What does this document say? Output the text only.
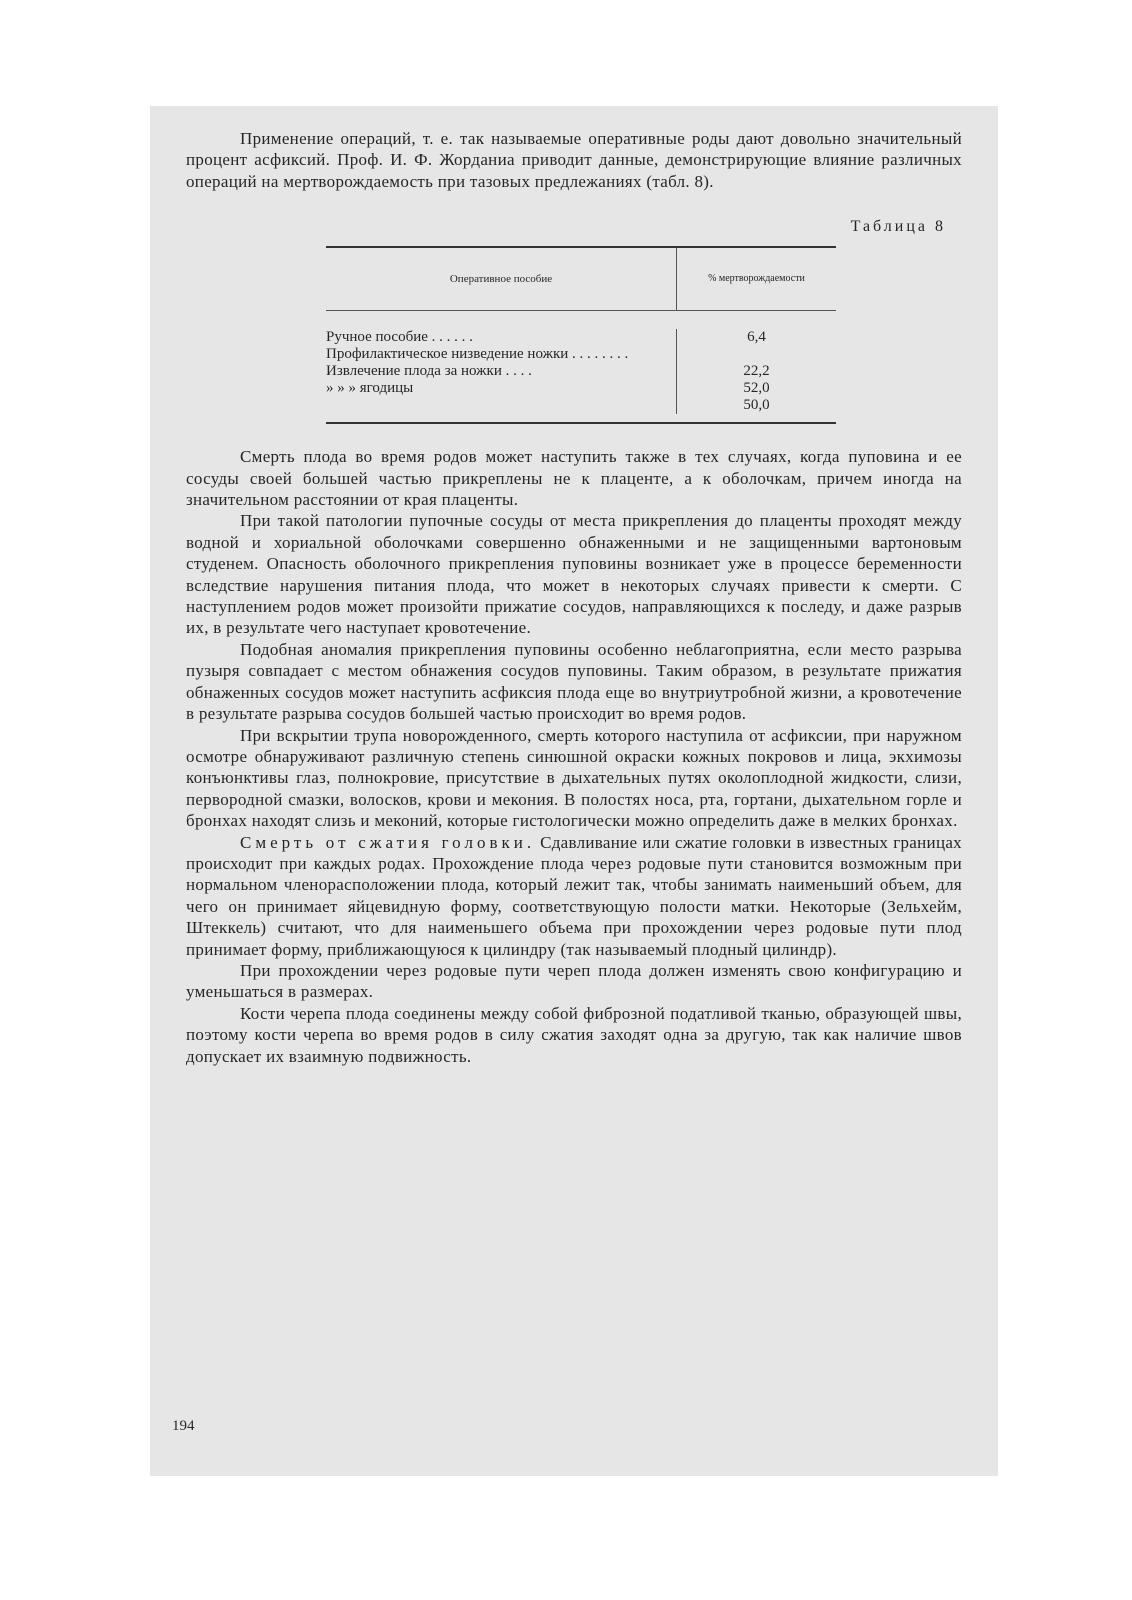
Применение операций, т. е. так называемые оперативные роды дают довольно значительный процент асфиксий. Проф. И. Ф. Жорданиа приводит данные, демонстрирующие влияние различных операций на мертворождаемость при тазовых предлежаниях (табл. 8).

Таблица 8
Оперативное пособие	% мертворождаемости
Ручное пособие . . . . . .
Профилактическое низведение ножки . . . . . . . .
Извлечение плода за ножки . . . .
» » » ягодицы
6,4
22,2
52,0
50,0

Смерть плода во время родов может наступить также в тех случаях, когда пуповина и ее сосуды своей большей частью прикреплены не к плаценте, а к оболочкам, причем иногда на значительном расстоянии от края плаценты.

При такой патологии пупочные сосуды от места прикрепления до плаценты проходят между водной и хориальной оболочками совершенно обнаженными и не защищенными вартоновым студенем. Опасность оболочного прикрепления пуповины возникает уже в процессе беременности вследствие нарушения питания плода, что может в некоторых случаях привести к смерти. С наступлением родов может произойти прижатие сосудов, направляющихся к последу, и даже разрыв их, в результате чего наступает кровотечение.

Подобная аномалия прикрепления пуповины особенно неблагоприятна, если место разрыва пузыря совпадает с местом обнажения сосудов пуповины. Таким образом, в результате прижатия обнаженных сосудов может наступить асфиксия плода еще во внутриутробной жизни, а кровотечение в результате разрыва сосудов большей частью происходит во время родов.

При вскрытии трупа новорожденного, смерть которого наступила от асфиксии, при наружном осмотре обнаруживают различную степень синюшной окраски кожных покровов и лица, экхимозы конъюнктивы глаз, полнокровие, присутствие в дыхательных путях околоплодной жидкости, слизи, первородной смазки, волосков, крови и мекония. В полостях носа, рта, гортани, дыхательном горле и бронхах находят слизь и меконий, которые гистологически можно определить даже в мелких бронхах.

Смерть от сжатия головки. Сдавливание или сжатие головки в известных границах происходит при каждых родах. Прохождение плода через родовые пути становится возможным при нормальном членорасположении плода, который лежит так, чтобы занимать наименьший объем, для чего он принимает яйцевидную форму, соответствующую полости матки. Некоторые (Зельхейм, Штеккель) считают, что для наименьшего объема при прохождении через родовые пути плод принимает форму, приближающуюся к цилиндру (так называемый плодный цилиндр).

При прохождении через родовые пути череп плода должен изменять свою конфигурацию и уменьшаться в размерах.

Кости черепа плода соединены между собой фиброзной податливой тканью, образующей швы, поэтому кости черепа во время родов в силу сжатия заходят одна за другую, так как наличие швов допускает их взаимную подвижность.

194
